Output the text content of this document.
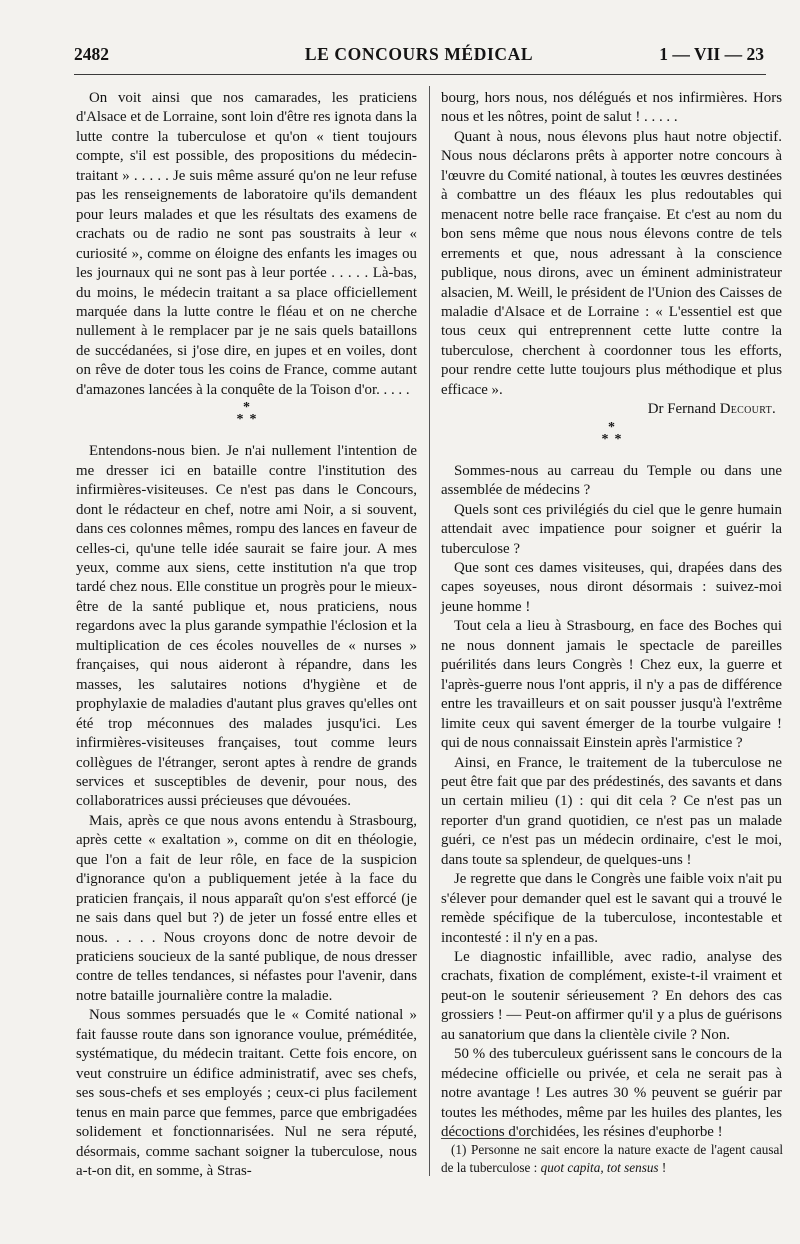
2482	LE CONCOURS MÉDICAL	1 — VII — 23

On voit ainsi que nos camarades, les praticiens d'Alsace et de Lorraine, sont loin d'être res ignota dans la lutte contre la tuberculose et qu'on « tient toujours compte, s'il est possible, des propositions du médecin-traitant » . . . . . Je suis même assuré qu'on ne leur refuse pas les renseignements de laboratoire qu'ils demandent pour leurs malades et que les résultats des examens de crachats ou de radio ne sont pas soustraits à leur « curiosité », comme on éloigne des enfants les images ou les journaux qui ne sont pas à leur portée . . . . . Là-bas, du moins, le médecin traitant a sa place officiellement marquée dans la lutte contre le fléau et on ne cherche nullement à le remplacer par je ne sais quels bataillons de succédanées, si j'ose dire, en jupes et en voiles, dont on rêve de doter tous les coins de France, comme autant d'amazones lancées à la conquête de la Toison d'or. . . . .

*
**

Entendons-nous bien. Je n'ai nullement l'intention de me dresser ici en bataille contre l'institution des infirmières-visiteuses. Ce n'est pas dans le Concours, dont le rédacteur en chef, notre ami Noir, a si souvent, dans ces colonnes mêmes, rompu des lances en faveur de celles-ci, qu'une telle idée saurait se faire jour. A mes yeux, comme aux siens, cette institution n'a que trop tardé chez nous. Elle constitue un progrès pour le mieux-être de la santé publique et, nous praticiens, nous regardons avec la plus garande sympathie l'éclosion et la multiplication de ces écoles nouvelles de « nurses » françaises, qui nous aideront à répandre, dans les masses, les salutaires notions d'hygiène et de prophylaxie de maladies d'autant plus graves qu'elles ont été trop méconnues des malades jusqu'ici. Les infirmières-visiteuses françaises, tout comme leurs collègues de l'étranger, seront aptes à rendre de grands services et susceptibles de devenir, pour nous, des collaboratrices aussi précieuses que dévouées.

Mais, après ce que nous avons entendu à Strasbourg, après cette « exaltation », comme on dit en théologie, que l'on a fait de leur rôle, en face de la suspicion d'ignorance qu'on a publiquement jetée à la face du praticien français, il nous apparaît qu'on s'est efforcé (je ne sais dans quel but ?) de jeter un fossé entre elles et nous. . . . . Nous croyons donc de notre devoir de praticiens soucieux de la santé publique, de nous dresser contre de telles tendances, si néfastes pour l'avenir, dans notre bataille journalière contre la maladie.

Nous sommes persuadés que le « Comité national » fait fausse route dans son ignorance voulue, préméditée, systématique, du médecin traitant. Cette fois encore, on veut construire un édifice administratif, avec ses chefs, ses sous-chefs et ses employés ; ceux-ci plus facilement tenus en main parce que femmes, parce que embrigadées solidement et fonctionnarisées. Nul ne sera réputé, désormais, comme sachant soigner la tuberculose, nous a-t-on dit, en somme, à Stras-

bourg, hors nous, nos délégués et nos infirmières. Hors nous et les nôtres, point de salut ! . . . . .

Quant à nous, nous élevons plus haut notre objectif. Nous nous déclarons prêts à apporter notre concours à l'œuvre du Comité national, à toutes les œuvres destinées à combattre un des fléaux les plus redoutables qui menacent notre belle race française. Et c'est au nom du bon sens même que nous nous élevons contre de tels errements et que, nous adressant à la conscience publique, nous dirons, avec un éminent administrateur alsacien, M. Weill, le président de l'Union des Caisses de maladie d'Alsace et de Lorraine : « L'essentiel est que tous ceux qui entreprennent cette lutte contre la tuberculose, cherchent à coordonner tous les efforts, pour rendre cette lutte toujours plus méthodique et plus efficace ».

Dr Fernand Decourt.
*
**

Sommes-nous au carreau du Temple ou dans une assemblée de médecins ?

Quels sont ces privilégiés du ciel que le genre humain attendait avec impatience pour soigner et guérir la tuberculose ?

Que sont ces dames visiteuses, qui, drapées dans des capes soyeuses, nous diront désormais : suivez-moi jeune homme !

Tout cela a lieu à Strasbourg, en face des Boches qui ne nous donnent jamais le spectacle de pareilles puérilités dans leurs Congrès ! Chez eux, la guerre et l'après-guerre nous l'ont appris, il n'y a pas de différence entre les travailleurs et on sait pousser jusqu'à l'extrême limite ceux qui savent émerger de la tourbe vulgaire ! qui de nous connaissait Einstein après l'armistice ?

Ainsi, en France, le traitement de la tuberculose ne peut être fait que par des prédestinés, des savants et dans un certain milieu (1) : qui dit cela ? Ce n'est pas un reporter d'un grand quotidien, ce n'est pas un malade guéri, ce n'est pas un médecin ordinaire, c'est le moi, dans toute sa splendeur, de quelques-uns !

Je regrette que dans le Congrès une faible voix n'ait pu s'élever pour demander quel est le savant qui a trouvé le remède spécifique de la tuberculose, incontestable et incontesté : il n'y en a pas.

Le diagnostic infaillible, avec radio, analyse des crachats, fixation de complément, existe-t-il vraiment et peut-on le soutenir sérieusement ? En dehors des cas grossiers ! — Peut-on affirmer qu'il y a plus de guérisons au sanatorium que dans la clientèle civile ? Non.

50 % des tuberculeux guérissent sans le concours de la médecine officielle ou privée, et cela ne serait pas à notre avantage ! Les autres 30 % peuvent se guérir par toutes les méthodes, même par les huiles des plantes, les décoctions d'orchidées, les résines d'euphorbe !

(1) Personne ne sait encore la nature exacte de l'agent causal de la tuberculose : quot capita, tot sensus !
